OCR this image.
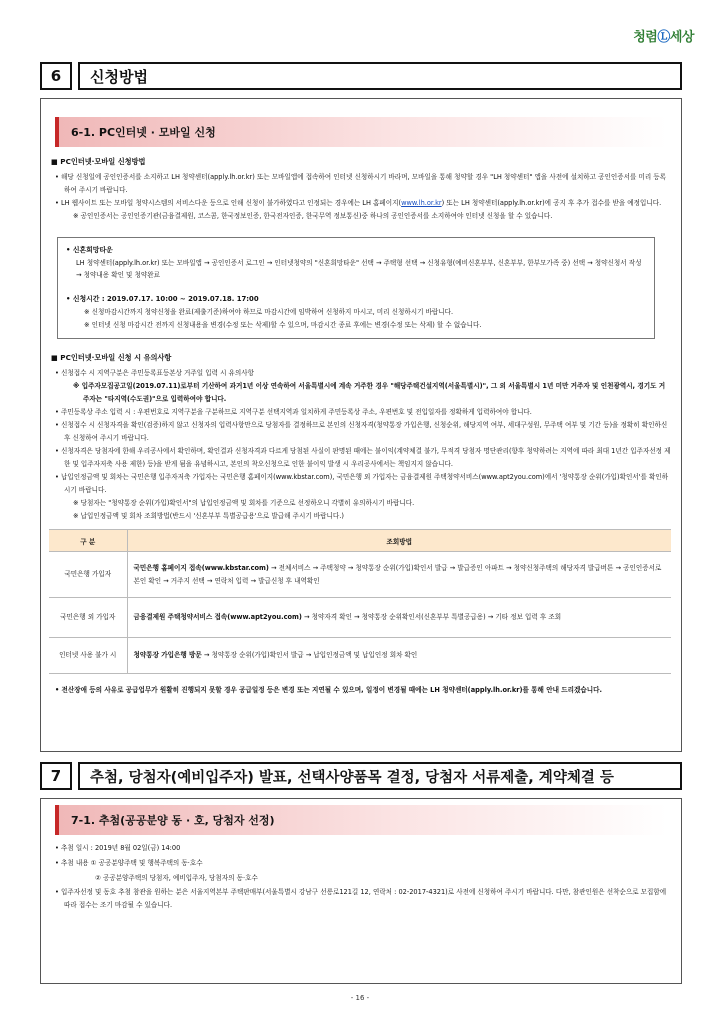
청렴Ⓛ세상
6	신청방법
6-1. PC인터넷 · 모바일 신청
■ PC인터넷·모바일 신청방법
• 해당 신청일에 공인인증서를 소지하고 LH 청약센터(apply.lh.or.kr) 또는 모바일앱에 접속하여 인터넷 신청하시기 바라며, 모바일을 통해 청약할 경우 "LH 청약센터" 앱을 사전에 설치하고 공인인증서를 미리 등록하여 주시기 바랍니다.
• LH 웹사이트 또는 모바일 청약시스템의 서비스다운 등으로 인해 신청이 불가하였다고 인정되는 경우에는 LH 홈페이지(www.lh.or.kr) 또는 LH 청약센터(apply.lh.or.kr)에 공지 후 추가 접수를 받을 예정입니다.
※ 공인인증서는 공인인증기관(금융결제원, 코스콤, 한국정보인증, 한국전자인증, 한국무역 정보통신)중 하나의 공인인증서를 소지하여야 인터넷 신청을 할 수 있습니다.
• 신혼희망타운
LH 청약센터(apply.lh.or.kr) 또는 모바일앱 → 공인인증서 로그인 → 인터넷청약의 "신혼희망타운" 선택 → 주택형 선택 → 신청유형(예비신혼부부, 신혼부부, 한부모가족 중) 선택 → 청약신청서 작성 → 청약내용 확인 및 청약완료
• 신청시간 : 2019.07.17. 10:00 ~ 2019.07.18. 17:00
※ 신청마감시간까지 청약신청을 완료(제출기준)하여야 하므로 마감시간에 임박하여 신청하지 마시고, 미리 신청하시기 바랍니다.
※ 인터넷 신청 마감시간 전까지 신청내용을 변경(수정 또는 삭제)할 수 있으며, 마감시간 종료 후에는 변경(수정 또는 삭제) 할 수 없습니다.
■ PC인터넷·모바일 신청 시 유의사항
• 신청접수 시 지역구분은 주민등록표등본상 거주일 입력 시 유의사항
※ 입주자모집공고일(2019.07.11)로부터 기산하여 과거1년 이상 연속하여 서울특별시에 계속 거주한 경우 "해당주택건설지역(서울특별시)", 그 외 서울특별시 1년 미만 거주자 및 인천광역시, 경기도 거주자는 "타지역(수도권)"으로 입력하여야 합니다.
• 주민등록상 주소 입력 시 : 우편번호로 지역구분을 구분하므로 지역구분 선택지역과 일치하게 주민등록상 주소, 우편번호 및 전입일자를 정확하게 입력하여야 합니다.
• 신청접수 시 신청자격을 확인(검증)하지 않고 신청자의 입력사항만으로 당첨자를 결정하므로 본인의 신청자격(청약통장 가입은행, 신청순위, 해당지역 여부, 세대구성원, 무주택 여부 및 기간 등)을 정확히 확인하신 후 신청하여 주시기 바랍니다.
• 신청자격은 당첨자에 한해 우리공사에서 확인하며, 확인결과 신청자격과 다르게 당첨된 사실이 판명된 때에는 불이익(계약체결 불가, 무적격 당첨자 명단관리(향후 청약하려는 지역에 따라 최대 1년간 입주자선정 제한 및 입주자저축 사용 제한) 등)을 받게 됨을 유념하시고, 본인의 착오신청으로 인한 불이익 발생 시 우리공사에서는 책임지지 않습니다.
• 납입인정금액 및 회차는 국민은행 입주자저축 가입자는 국민은행 홈페이지(www.kbstar.com), 국민은행 외 가입자는 금융결제원 주택청약서비스(www.apt2you.com)에서 '청약통장 순위(가입)확인서'를 확인하시기 바랍니다.
※ 당첨자는 "청약통장 순위(가입)확인서"의 납입인정금액 및 회차를 기준으로 선정하오니 각별히 유의하시기 바랍니다.
※ 납입인정금액 및 회차 조회방법(반드시 '신혼부부 특별공급용'으로 발급해 주시기 바랍니다.)
구 분	조회방법
국민은행 가입자	국민은행 홈페이지 접속(www.kbstar.com) → 전체서비스 → 주택청약 → 청약통장 순위(가입)확인서 발급 → 발급증인 아파트 → 청약신청주택의 해당자격 발급버튼 → 공인인증서로 본인 확인 → 거주지 선택 → 연락처 입력 → 발급신청 후 내역확인
국민은행 외 가입자	금융결제원 주택청약서비스 접속(www.apt2you.com) → 청약자격 확인 → 청약통장 순위확인서(신혼부부 특별공급용) → 기타 정보 입력 후 조회
인터넷 사용 불가 시	청약통장 가입은행 방문 → 청약통장 순위(가입)확인서 발급 → 납입인정금액 및 납입인정 회차 확인
• 전산장애 등의 사유로 공급업무가 원활히 진행되지 못할 경우 공급일정 등은 변경 또는 지연될 수 있으며, 일정이 변경될 때에는 LH 청약센터(apply.lh.or.kr)를 통해 안내 드리겠습니다.
7	추첨, 당첨자(예비입주자) 발표, 선택사양품목 결정, 당첨자 서류제출, 계약체결 등
7-1. 추첨(공공분양 동 · 호, 당첨자 선정)
• 추첨 일시 : 2019년 8월 02일(금) 14:00
• 추첨 내용 ① 공공분양주택 및 행복주택의 동·호수
② 공공분양주택의 당첨자, 예비입주자, 당첨자의 동·호수
• 입주자선정 및 동호 추첨 참관을 원하는 분은 서울지역본부 주택판매부(서울특별시 강남구 선릉로121길 12, 연락처 : 02-2017-4321)로 사전에 신청하여 주시기 바랍니다. 다만, 참관인원은 선착순으로 모집함에 따라 접수는 조기 마감될 수 있습니다.
- 16 -
